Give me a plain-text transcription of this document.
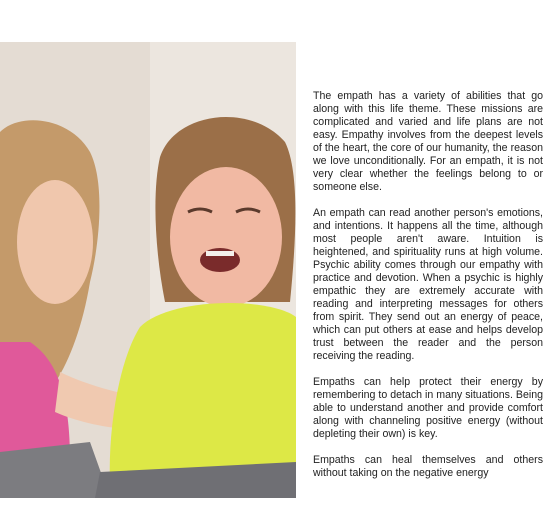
The empath has a variety of abilities that go along with this life theme. These missions are complicated and varied and life plans are not easy. Empathy involves from the deepest levels of the heart, the core of our humanity, the reason we love unconditionally. For an empath, it is not very clear whether the feelings belong to or someone else.

An empath can read another person's emotions, and intentions. It happens all the time, although most people aren't aware. Intuition is heightened, and spirituality runs at high volume. Psychic ability comes through our empathy with practice and devotion. When a psychic is highly empathic they are extremely accurate with reading and interpreting messages for others from spirit. They send out an energy of peace, which can put others at ease and helps develop trust between the reader and the person receiving the reading.

Empaths can help protect their energy by remembering to detach in many situations. Being able to understand another and provide comfort along with channeling positive energy (without depleting their own) is key.

Empaths can heal themselves and others without taking on the negative energy
